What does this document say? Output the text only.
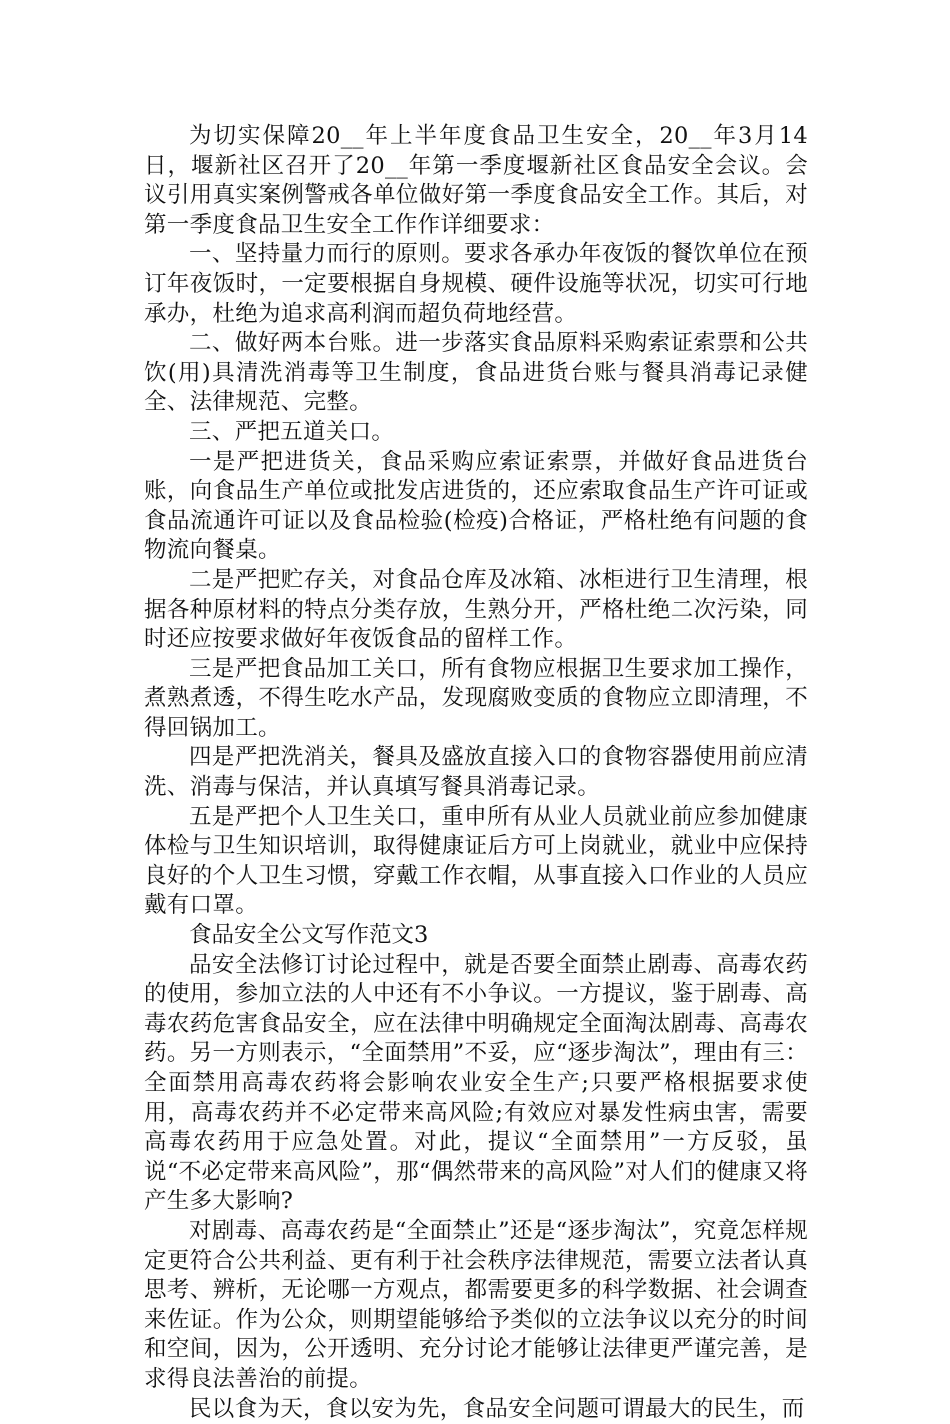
为切实保障20__年上半年度食品卫生安全，20__年3月14日，堰新社区召开了20__年第一季度堰新社区食品安全会议。会议引用真实案例警戒各单位做好第一季度食品安全工作。其后，对第一季度食品卫生安全工作作详细要求：

一、坚持量力而行的原则。要求各承办年夜饭的餐饮单位在预订年夜饭时，一定要根据自身规模、硬件设施等状况，切实可行地承办，杜绝为追求高利润而超负荷地经营。

二、做好两本台账。进一步落实食品原料采购索证索票和公共饮(用)具清洗消毒等卫生制度，食品进货台账与餐具消毒记录健全、法律规范、完整。

三、严把五道关口。

一是严把进货关，食品采购应索证索票，并做好食品进货台账，向食品生产单位或批发店进货的，还应索取食品生产许可证或食品流通许可证以及食品检验(检疫)合格证，严格杜绝有问题的食物流向餐桌。

二是严把贮存关，对食品仓库及冰箱、冰柜进行卫生清理，根据各种原材料的特点分类存放，生熟分开，严格杜绝二次污染，同时还应按要求做好年夜饭食品的留样工作。

三是严把食品加工关口，所有食物应根据卫生要求加工操作，煮熟煮透，不得生吃水产品，发现腐败变质的食物应立即清理，不得回锅加工。

四是严把洗消关，餐具及盛放直接入口的食物容器使用前应清洗、消毒与保洁，并认真填写餐具消毒记录。

五是严把个人卫生关口，重申所有从业人员就业前应参加健康体检与卫生知识培训，取得健康证后方可上岗就业，就业中应保持良好的个人卫生习惯，穿戴工作衣帽，从事直接入口作业的人员应戴有口罩。

食品安全公文写作范文3

品安全法修订讨论过程中，就是否要全面禁止剧毒、高毒农药的使用，参加立法的人中还有不小争议。一方提议，鉴于剧毒、高毒农药危害食品安全，应在法律中明确规定全面淘汰剧毒、高毒农药。另一方则表示，“全面禁用”不妥，应“逐步淘汰”，理由有三：全面禁用高毒农药将会影响农业安全生产;只要严格根据要求使用，高毒农药并不必定带来高风险;有效应对暴发性病虫害，需要高毒农药用于应急处置。对此，提议“全面禁用”一方反驳，虽说“不必定带来高风险”，那“偶然带来的高风险”对人们的健康又将产生多大影响?

对剧毒、高毒农药是“全面禁止”还是“逐步淘汰”，究竟怎样规定更符合公共利益、更有利于社会秩序法律规范，需要立法者认真思考、辨析，无论哪一方观点，都需要更多的科学数据、社会调查来佐证。作为公众，则期望能够给予类似的立法争议以充分的时间和空间，因为，公开透明、充分讨论才能够让法律更严谨完善，是求得良法善治的前提。

民以食为天，食以安为先，食品安全问题可谓最大的民生，而
